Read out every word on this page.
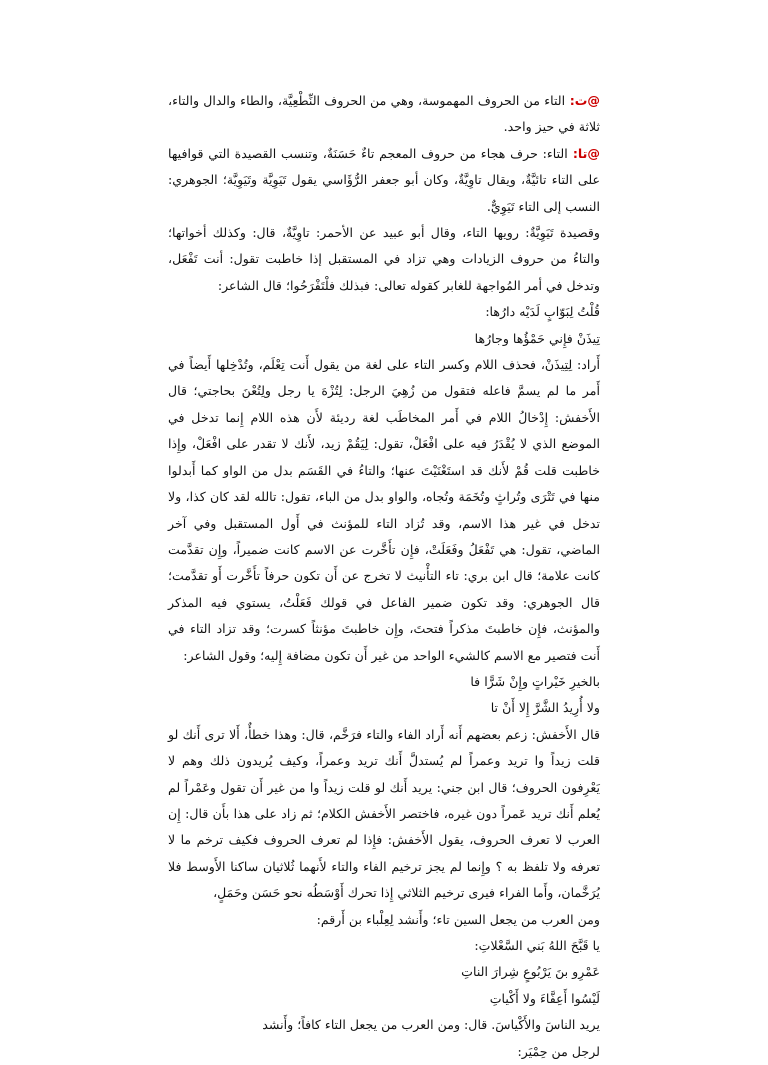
@ت: التاء من الحروف المهموسة، وهي من الحروف النِّطْعِيَّة، والطاء والدال والتاء، ثلاثة في حيز واحد.

@تا: التاء: حرف هجاء من حروف المعجم تاءٌ حَسَنَةٌ، وتنسب القصيدة التي قوافيها على التاء تائيَّةٌ، ويقال تاوِيَّةٌ، وكان أبو جعفر الرُّؤَاسي يقول تَيَوِيَّة وتَيَوِيَّة؛ الجوهري: النسب إلى التاء تَيَوِيٌّ.

وقصيدة تَيَوِيَّةٌ: رويها التاء، وقال أبو عبيد عن الأحمر: تاوِيَّةٌ، قال: وكذلك أخواتها؛ والتاءُ من حروف الزيادات وهي تزاد في المستقبل إذا خاطبت تقول: أنت تَفْعَل، وتدخل في أمر المُواجهة للغابر كقوله تعالى: فبذلك فلْتَفْرَحُوا؛ قال الشاعر:

قُلْتُ لِبَوّابٍ لَدَيْه دارُها:

تِيذَنْ فإِني حَمْؤُها وجارُها

أَراد: لِتِيذَنْ، فحذف اللام وكسر التاء على لغة من يقول أَنت تِعْلَم، وتُدْخِلها أَيضاً في أَمر ما لم يسمَّ فاعله فتقول من زُهِيَ الرجل: لِتُزْهَ يا رجل ولِتُعْنَ بحاجتي؛ قال الأَخفش: إِدْخالُ اللام في أَمر المخاطَب لغة رديئة لأَن هذه اللام إِنما تدخل في الموضع الذي لا يُقْدَرُ فيه على افْعَلْ، تقول: لِيَقُمْ زيد، لأَنك لا تقدر على افْعَلْ، وإِذا خاطبت قلت قُمْ لأَنك قد استَغْنَيْتَ عنها؛ والتاءُ في القَسَم بدل من الواو كما أَبدلوا منها في تَتْرَى وتُراثٍ وتُخَمَة وتُجاه، والواو بدل من الباء، تقول: تالله لقد كان كذا، ولا تدخل في غير هذا الاسم، وقد تُزاد التاء للمؤنث في أَول المستقبل وفي آخر الماضي، تقول: هي تَفْعَلُ وفَعَلَتْ، فإِن تأَخَّرت عن الاسم كانت ضميراً، وإِن تقدَّمت كانت علامة؛ قال ابن بري: تاء التأْنيث لا تخرج عن أَن تكون حرفاً تأَخَّرت أَو تقدَّمت؛ قال الجوهري: وقد تكون ضمير الفاعل في قولك فَعَلْتُ، يستوي فيه المذكر والمؤنث، فإِن خاطبتَ مذكراً فتحتَ، وإِن خاطبتَ مؤنثاً كسرت؛ وقد تزاد التاء في أَنت فتصير مع الاسم كالشيء الواحد من غير أَن تكون مضافة إِليه؛ وقول الشاعر:

بالخيرِ خَيْراتٍ وإِنْ شَرًّا فا

ولا أُرِيدُ الشَّرَّ إِلا أَنْ تا

قال الأَخفش: زعم بعضهم أَنه أَراد الفاء والتاء فرَخَّم، قال: وهذا خطأٌ، أَلا ترى أَنك لو قلت زيداً وا تريد وعمراً لم يُستدلَّ أَنك تريد وعمراً، وكيف يُريدون ذلك وهم لا يَعْرِفون الحروف؛ قال ابن جني: يريد أَنك لو قلت زيداً وا من غير أَن تقول وعَمْراً لم يُعلم أَنك تريد عَمراً دون غيره، فاختصر الأَخفش الكلام؛ ثم زاد على هذا بأَن قال: إِن العرب لا تعرف الحروف، يقول الأَخفش: فإِذا لم تعرف الحروف فكيف ترخم ما لا تعرفه ولا تلفظ به ؟ وإِنما لم يجز ترخيم الفاء والتاء لأَنهما ثُلاثيان ساكنا الأَوسط فلا يُرَخَّمان، وأَما الفراء فيرى ترخيم الثلاثي إِذا تحرك أَوْسَطُه نحو حَسَن وحَمَلٍ،

ومن العرب من يجعل السين تاء؛ وأَنشد لِعِلْباء بن أَرقم:

يا قَبَّحَ اللهُ بَني السَّعْلاتِ:

عَمْرِو بنَ يَرْبُوعٍ شِرارَ الناتِ

لَيْسُوا أَعِفَّاءَ ولا أَكْياتِ

يريد الناسَ والأَكْياسَ. قال: ومن العرب من يجعل التاء كافاً؛ وأَنشد

لرجل من حِمْيَر:
